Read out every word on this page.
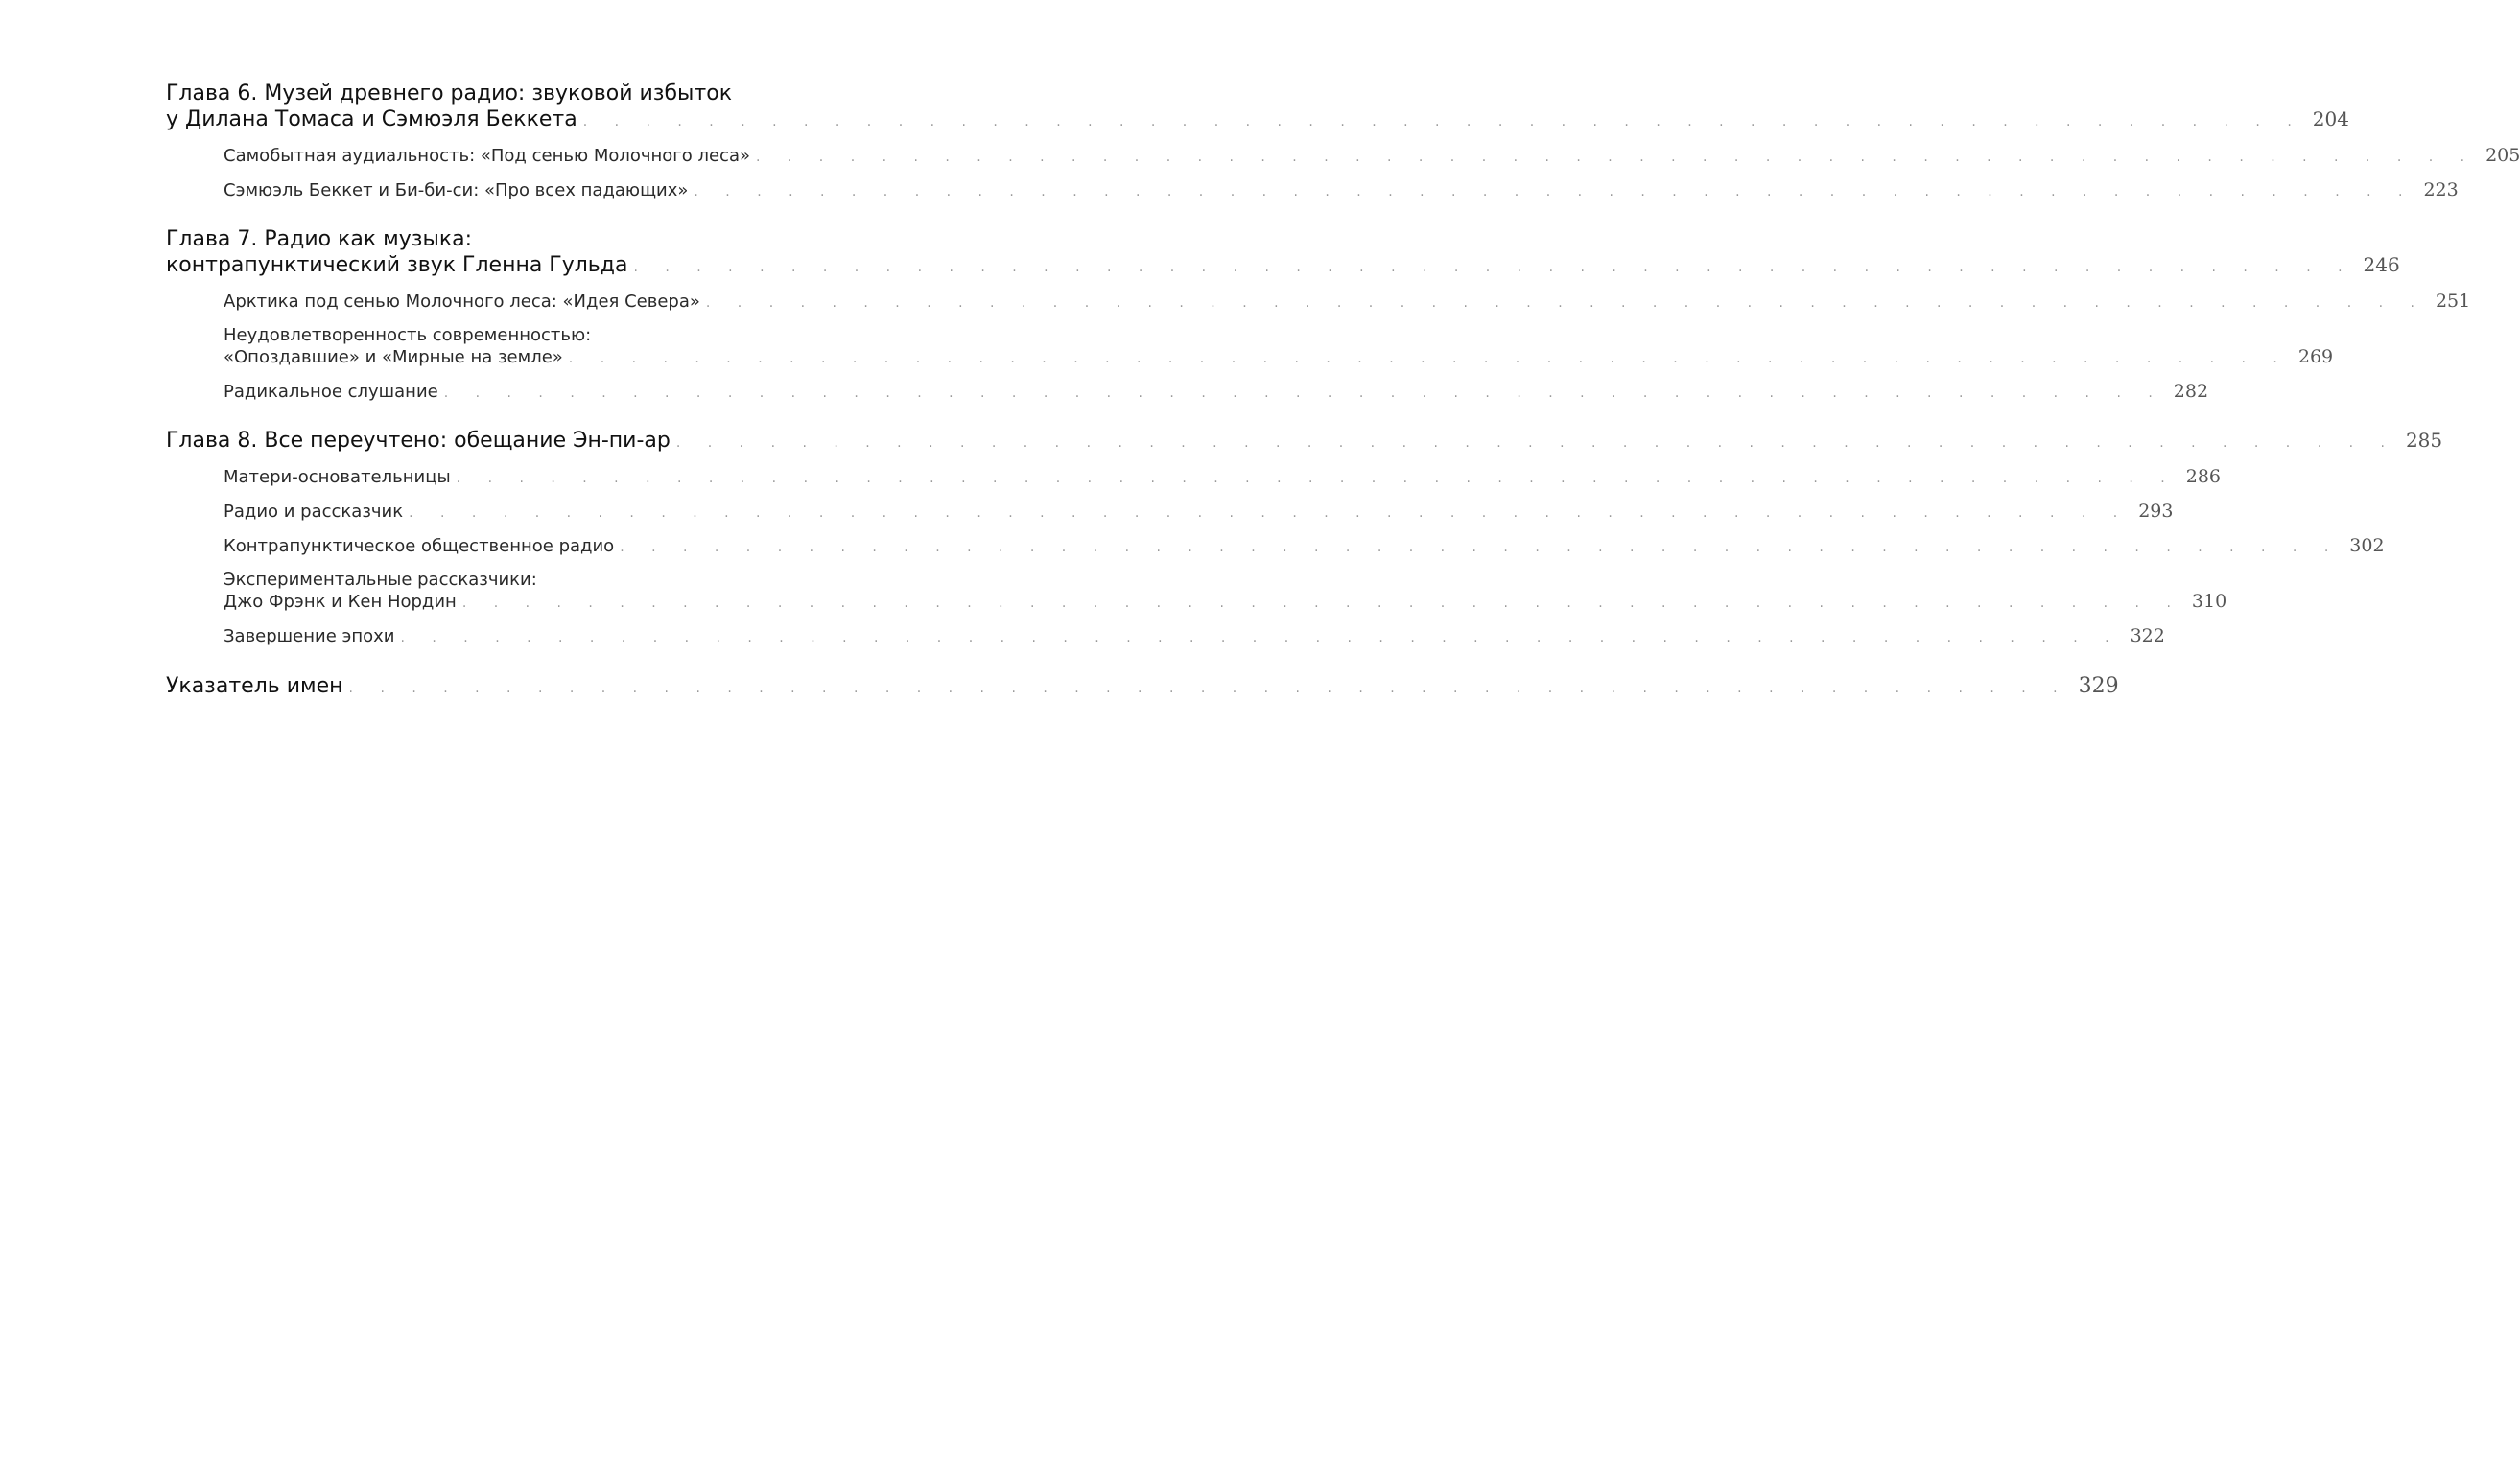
Глава 6. Музей древнего радио: звуковой избыток
у Дилана Томаса и Сэмюэля Беккета . . . . . . . . . . . . . . . . . . . . . . . . . . . . . . . . . . . . . . . . . . . . . . . . . . . . . . . 204
Самобытная аудиальность: «Под сенью Молочного леса» . . . . . . . . . . . . . . . . . . . . . . . . . . . . . . . . . . . . . . . . . . . . . . . . . . . . . . . 205
Сэмюэль Беккет и Би-би-си: «Про всех падающих» . . . . . . . . . . . . . . . . . . . . . . . . . . . . . . . . . . . . . . . . . . . . . . . . . . . . . . . 223
Глава 7. Радио как музыка:
контрапунктический звук Гленна Гульда . . . . . . . . . . . . . . . . . . . . . . . . . . . . . . . . . . . . . . . . . . . . . . . . . . . . . . . 246
Арктика под сенью Молочного леса: «Идея Севера» . . . . . . . . . . . . . . . . . . . . . . . . . . . . . . . . . . . . . . . . . . . . . . . . . . . . . . . 251
Неудовлетворенность современностью:
«Опоздавшие» и «Мирные на земле» . . . . . . . . . . . . . . . . . . . . . . . . . . . . . . . . . . . . . . . . . . . . . . . . . . . . . . . 269
Радикальное слушание . . . . . . . . . . . . . . . . . . . . . . . . . . . . . . . . . . . . . . . . . . . . . . . . . . . . . . . 282
Глава 8. Все переучтено: обещание Эн-пи-ар . . . . . . . . . . . . . . . . . . . . . . . . . . . . . . . . . . . . . . . . . . . . . . . . . . . . . . . 285
Матери-основательницы . . . . . . . . . . . . . . . . . . . . . . . . . . . . . . . . . . . . . . . . . . . . . . . . . . . . . . . 286
Радио и рассказчик . . . . . . . . . . . . . . . . . . . . . . . . . . . . . . . . . . . . . . . . . . . . . . . . . . . . . . . 293
Контрапунктическое общественное радио . . . . . . . . . . . . . . . . . . . . . . . . . . . . . . . . . . . . . . . . . . . . . . . . . . . . . . . 302
Экспериментальные рассказчики:
Джо Фрэнк и Кен Нордин . . . . . . . . . . . . . . . . . . . . . . . . . . . . . . . . . . . . . . . . . . . . . . . . . . . . . . . 310
Завершение эпохи . . . . . . . . . . . . . . . . . . . . . . . . . . . . . . . . . . . . . . . . . . . . . . . . . . . . . . . 322
Указатель имен . . . . . . . . . . . . . . . . . . . . . . . . . . . . . . . . . . . . . . . . . . . . . . . . . . . . . . . 329
